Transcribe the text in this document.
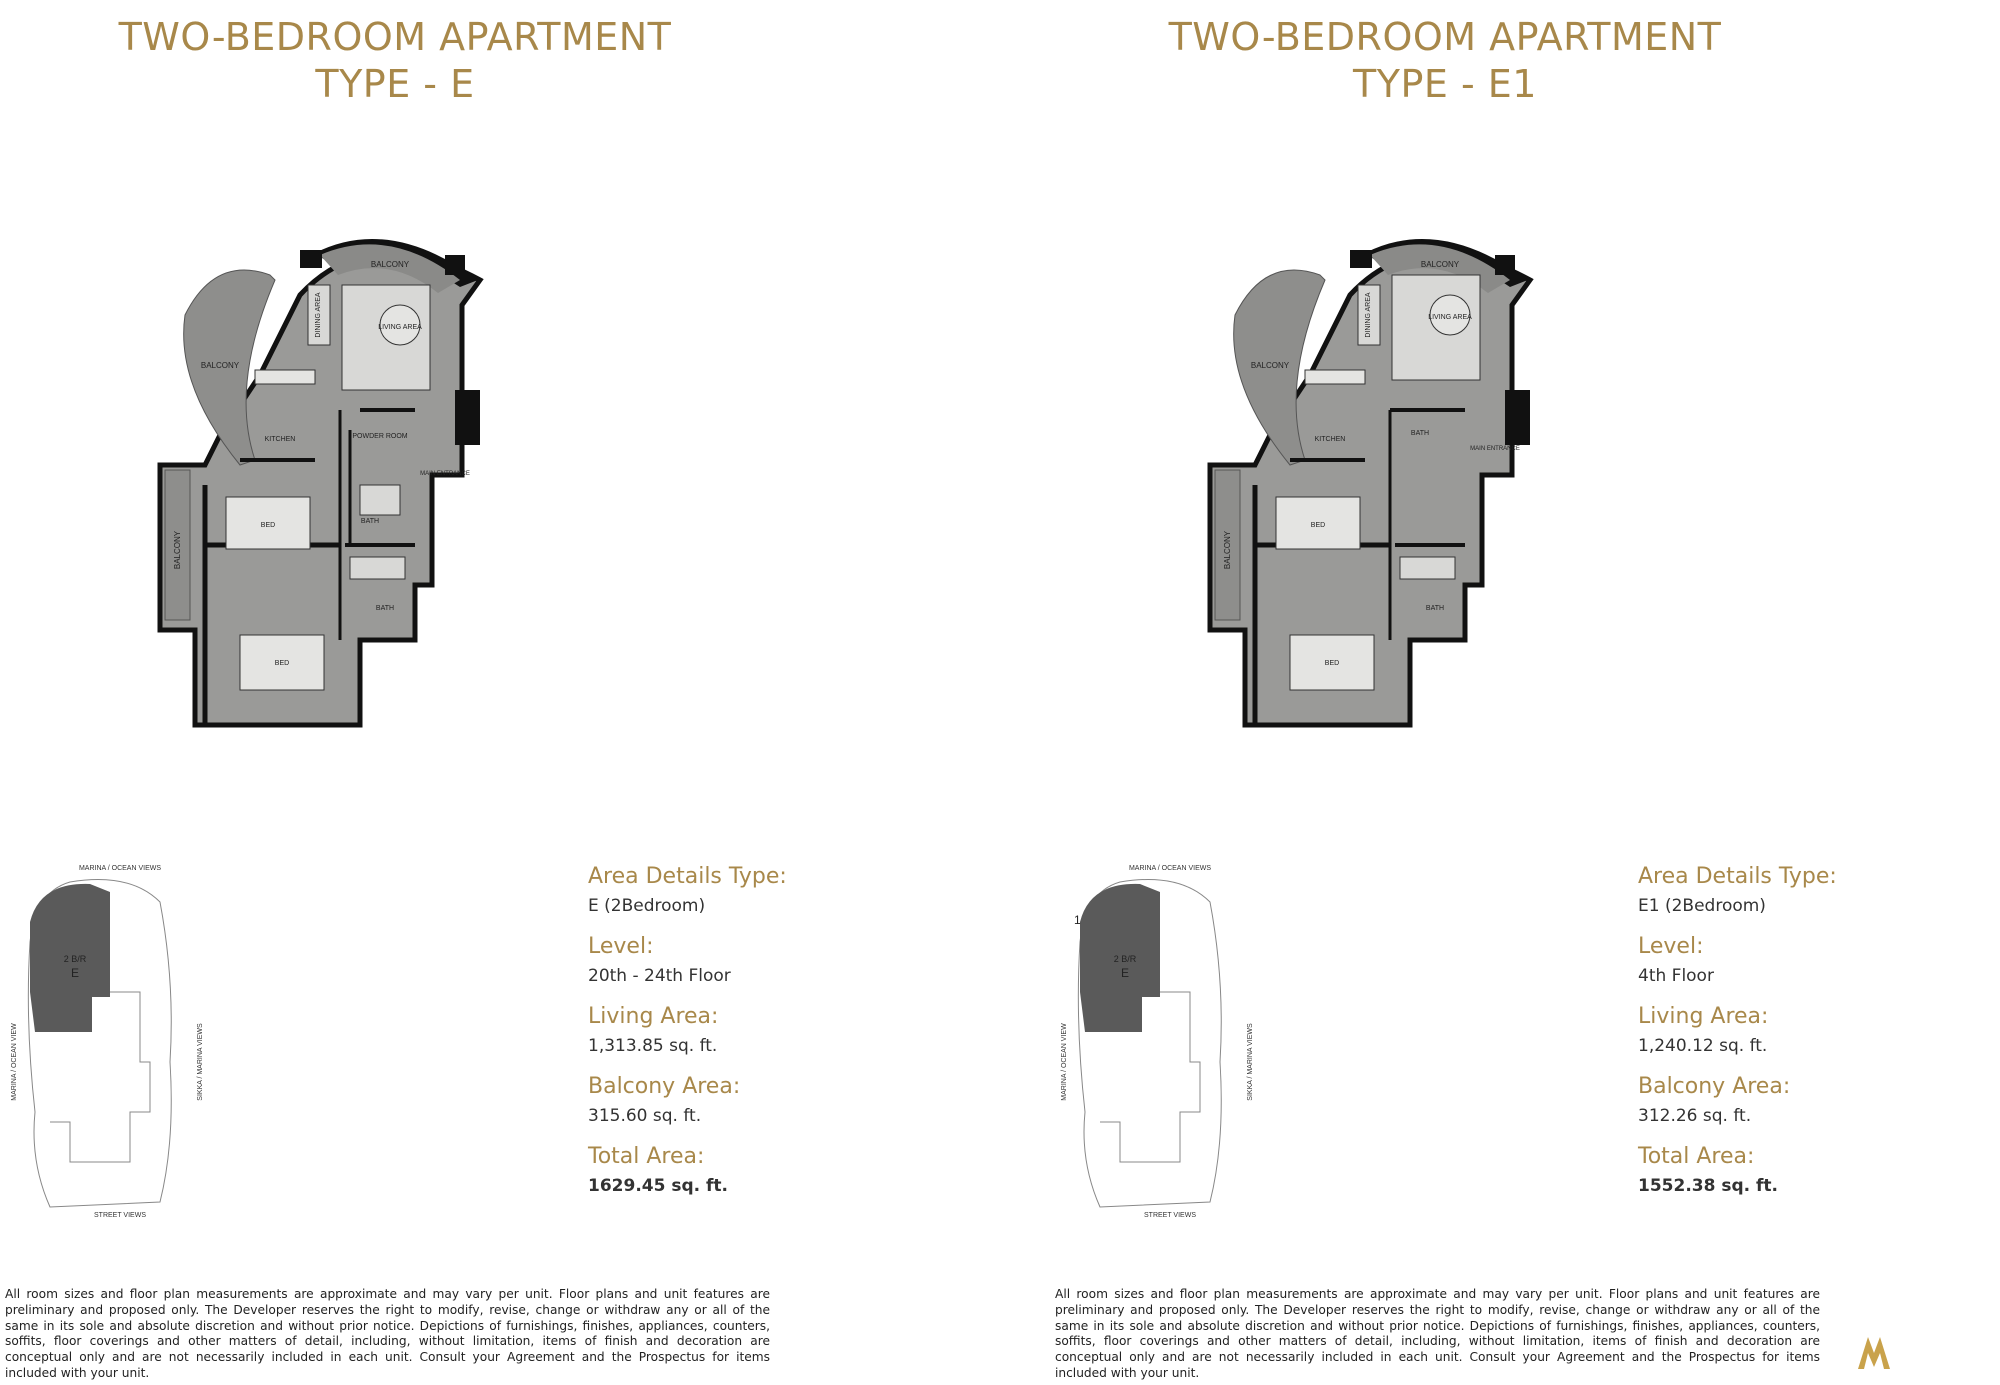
TWO-BEDROOM APARTMENT
TYPE - E
BALCONY
BALCONY
BALCONY
DINING AREA	LIVING AREA
KITCHEN	POWDER ROOM
MAIN ENTRANCE
BATH
BATH
BED
BED
MARINA / OCEAN VIEWS
MARINA / OCEAN VIEW	SIKKA / MARINA VIEWS
STREET VIEWS
2 B/R
E

Area Details Type:

E (2Bedroom)

Level:

20th - 24th Floor

Living Area:

1,313.85 sq. ft.

Balcony Area:

315.60 sq. ft.

Total Area:

1629.45 sq. ft.

All room sizes and floor plan measurements are approximate and may vary per unit. Floor plans and unit features are preliminary and proposed only. The Developer reserves the right to modify, revise, change or withdraw any or all of the same in its sole and absolute discretion and without prior notice. Depictions of furnishings, finishes, appliances, counters, soffits, floor coverings and other matters of detail, including, without limitation, items of finish and decoration are conceptual only and are not necessarily included in each unit. Consult your Agreement and the Prospectus for items included with your unit.
TWO-BEDROOM APARTMENT
TYPE - E1
BALCONY
BALCONY
BALCONY
DINING AREA	LIVING AREA
KITCHEN
MAIN ENTRANCE
BATH
BATH
BED
BED
MARINA / OCEAN VIEWS
MARINA / OCEAN VIEW	SIKKA / MARINA VIEWS
STREET VIEWS
2 B/R
E
1

Area Details Type:

E1 (2Bedroom)

Level:

4th Floor

Living Area:

1,240.12 sq. ft.

Balcony Area:

312.26 sq. ft.

Total Area:

1552.38 sq. ft.

All room sizes and floor plan measurements are approximate and may vary per unit. Floor plans and unit features are preliminary and proposed only. The Developer reserves the right to modify, revise, change or withdraw any or all of the same in its sole and absolute discretion and without prior notice. Depictions of furnishings, finishes, appliances, counters, soffits, floor coverings and other matters of detail, including, without limitation, items of finish and decoration are conceptual only and are not necessarily included in each unit. Consult your Agreement and the Prospectus for items included with your unit.
